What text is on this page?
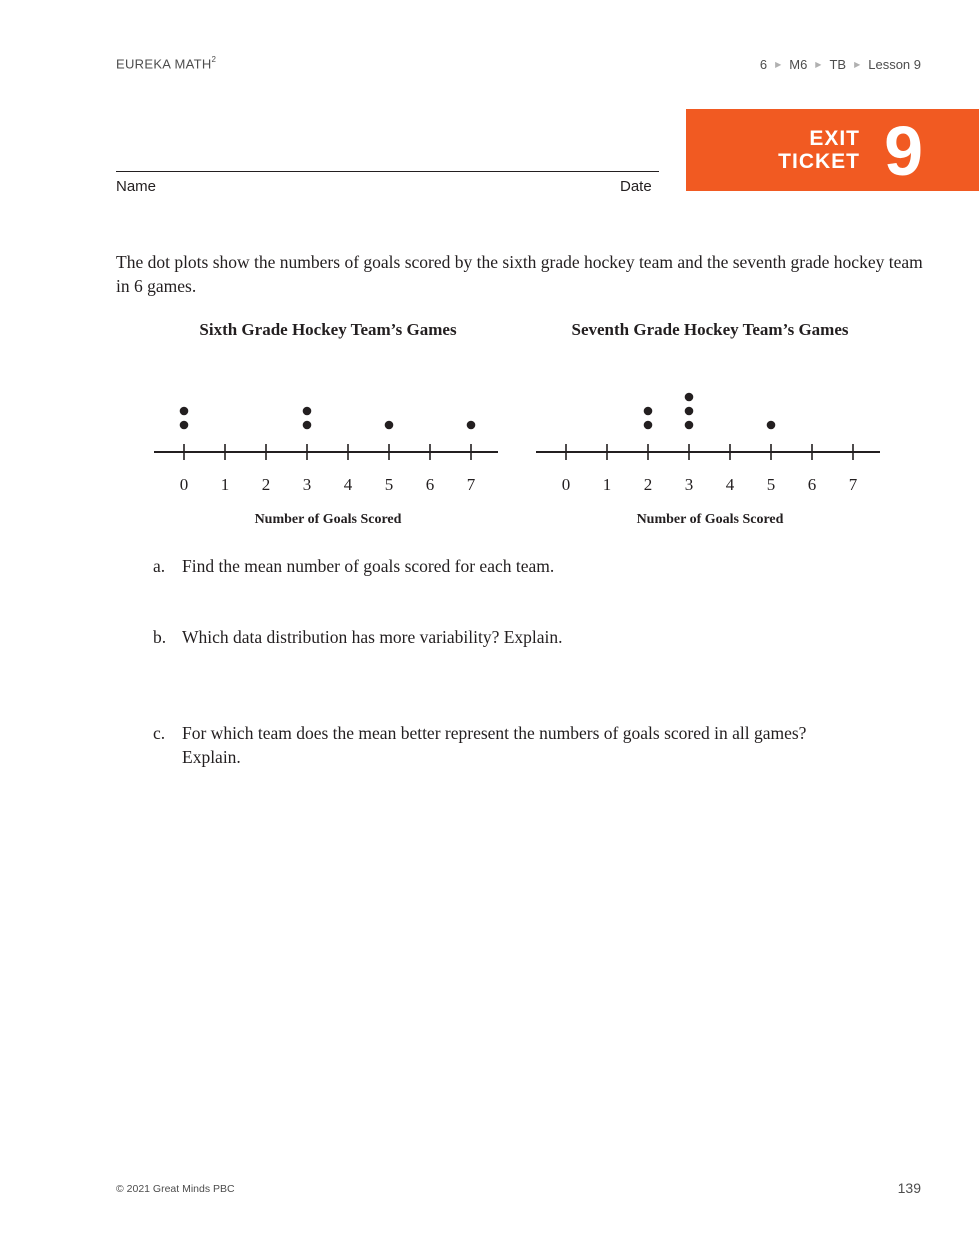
EUREKA MATH$^2$	6 ▶ M6 ▶ TB ▶ Lesson 9
EXIT
TICKET 9
Name	Date
The dot plots show the numbers of goals scored by the sixth grade hockey team and the seventh grade hockey team in 6 games.
Sixth Grade Hockey Team’s Games
0 1 2 3 4 5 6 7
Number of Goals Scored
Seventh Grade Hockey Team’s Games
0 1 2 3 4 5 6 7
Number of Goals Scored
a. Find the mean number of goals scored for each team.
b. Which data distribution has more variability? Explain.
c. For which team does the mean better represent the numbers of goals scored in all games? Explain.
© 2021 Great Minds PBC	139
